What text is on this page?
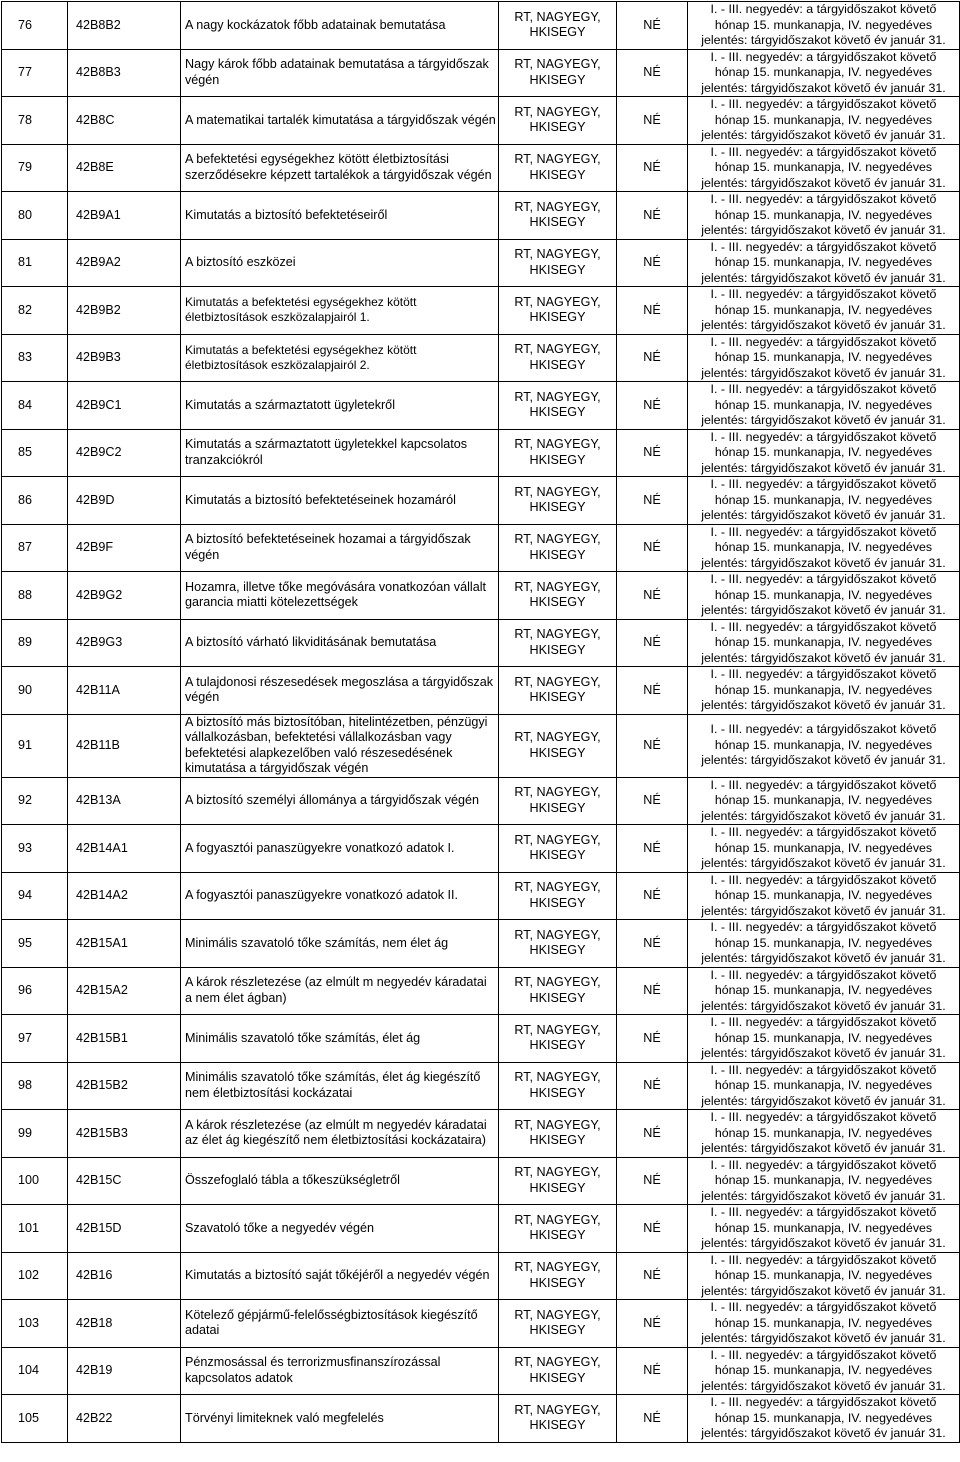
76	42B8B2	A nagy kockázatok főbb adatainak bemutatása	RT, NAGYEGY,
HKISEGY	NÉ	I. - III. negyedév: a tárgyidőszakot követő
hónap 15. munkanapja, IV. negyedéves
jelentés: tárgyidőszakot követő év január 31.

77	42B8B3	Nagy károk főbb adatainak bemutatása a tárgyidőszak végén	RT, NAGYEGY,
HKISEGY	NÉ	I. - III. negyedév: a tárgyidőszakot követő
hónap 15. munkanapja, IV. negyedéves
jelentés: tárgyidőszakot követő év január 31.

78	42B8C	A matematikai tartalék kimutatása a tárgyidőszak végén	RT, NAGYEGY,
HKISEGY	NÉ	I. - III. negyedév: a tárgyidőszakot követő
hónap 15. munkanapja, IV. negyedéves
jelentés: tárgyidőszakot követő év január 31.

79	42B8E	A befektetési egységekhez kötött életbiztosítási szerződésekre képzett tartalékok a tárgyidőszak végén	RT, NAGYEGY,
HKISEGY	NÉ	I. - III. negyedév: a tárgyidőszakot követő
hónap 15. munkanapja, IV. negyedéves
jelentés: tárgyidőszakot követő év január 31.

80	42B9A1	Kimutatás a biztosító befektetéseiről	RT, NAGYEGY,
HKISEGY	NÉ	I. - III. negyedév: a tárgyidőszakot követő
hónap 15. munkanapja, IV. negyedéves
jelentés: tárgyidőszakot követő év január 31.

81	42B9A2	A biztosító eszközei	RT, NAGYEGY,
HKISEGY	NÉ	I. - III. negyedév: a tárgyidőszakot követő
hónap 15. munkanapja, IV. negyedéves
jelentés: tárgyidőszakot követő év január 31.

82	42B9B2	Kimutatás a befektetési egységekhez kötött életbiztosítások eszközalapjairól 1.	RT, NAGYEGY,
HKISEGY	NÉ	I. - III. negyedév: a tárgyidőszakot követő
hónap 15. munkanapja, IV. negyedéves
jelentés: tárgyidőszakot követő év január 31.

83	42B9B3	Kimutatás a befektetési egységekhez kötött életbiztosítások eszközalapjairól 2.	RT, NAGYEGY,
HKISEGY	NÉ	I. - III. negyedév: a tárgyidőszakot követő
hónap 15. munkanapja, IV. negyedéves
jelentés: tárgyidőszakot követő év január 31.

84	42B9C1	Kimutatás a származtatott ügyletekről	RT, NAGYEGY,
HKISEGY	NÉ	I. - III. negyedév: a tárgyidőszakot követő
hónap 15. munkanapja, IV. negyedéves
jelentés: tárgyidőszakot követő év január 31.

85	42B9C2	Kimutatás a származtatott ügyletekkel kapcsolatos tranzakciókról	RT, NAGYEGY,
HKISEGY	NÉ	I. - III. negyedév: a tárgyidőszakot követő
hónap 15. munkanapja, IV. negyedéves
jelentés: tárgyidőszakot követő év január 31.

86	42B9D	Kimutatás a biztosító befektetéseinek hozamáról	RT, NAGYEGY,
HKISEGY	NÉ	I. - III. negyedév: a tárgyidőszakot követő
hónap 15. munkanapja, IV. negyedéves
jelentés: tárgyidőszakot követő év január 31.

87	42B9F	A biztosító befektetéseinek hozamai a tárgyidőszak végén	RT, NAGYEGY,
HKISEGY	NÉ	I. - III. negyedév: a tárgyidőszakot követő
hónap 15. munkanapja, IV. negyedéves
jelentés: tárgyidőszakot követő év január 31.

88	42B9G2	Hozamra, illetve tőke megóvására vonatkozóan vállalt garancia miatti kötelezettségek	RT, NAGYEGY,
HKISEGY	NÉ	I. - III. negyedév: a tárgyidőszakot követő
hónap 15. munkanapja, IV. negyedéves
jelentés: tárgyidőszakot követő év január 31.

89	42B9G3	A biztosító várható likviditásának bemutatása	RT, NAGYEGY,
HKISEGY	NÉ	I. - III. negyedév: a tárgyidőszakot követő
hónap 15. munkanapja, IV. negyedéves
jelentés: tárgyidőszakot követő év január 31.

90	42B11A	A tulajdonosi részesedések megoszlása a tárgyidőszak végén	RT, NAGYEGY,
HKISEGY	NÉ	I. - III. negyedév: a tárgyidőszakot követő
hónap 15. munkanapja, IV. negyedéves
jelentés: tárgyidőszakot követő év január 31.

91	42B11B	A biztosító más biztosítóban, hitelintézetben, pénzügyi vállalkozásban, befektetési vállalkozásban vagy befektetési alapkezelőben való részesedésének kimutatása a tárgyidőszak végén	RT, NAGYEGY,
HKISEGY	NÉ	I. - III. negyedév: a tárgyidőszakot követő
hónap 15. munkanapja, IV. negyedéves
jelentés: tárgyidőszakot követő év január 31.

92	42B13A	A biztosító személyi állománya a tárgyidőszak végén	RT, NAGYEGY,
HKISEGY	NÉ	I. - III. negyedév: a tárgyidőszakot követő
hónap 15. munkanapja, IV. negyedéves
jelentés: tárgyidőszakot követő év január 31.

93	42B14A1	A fogyasztói panaszügyekre vonatkozó adatok I.	RT, NAGYEGY,
HKISEGY	NÉ	I. - III. negyedév: a tárgyidőszakot követő
hónap 15. munkanapja, IV. negyedéves
jelentés: tárgyidőszakot követő év január 31.

94	42B14A2	A fogyasztói panaszügyekre vonatkozó adatok II.	RT, NAGYEGY,
HKISEGY	NÉ	I. - III. negyedév: a tárgyidőszakot követő
hónap 15. munkanapja, IV. negyedéves
jelentés: tárgyidőszakot követő év január 31.

95	42B15A1	Minimális szavatoló tőke számítás, nem élet ág	RT, NAGYEGY,
HKISEGY	NÉ	I. - III. negyedév: a tárgyidőszakot követő
hónap 15. munkanapja, IV. negyedéves
jelentés: tárgyidőszakot követő év január 31.

96	42B15A2	A károk részletezése (az elmúlt m negyedév káradatai a nem élet ágban)	RT, NAGYEGY,
HKISEGY	NÉ	I. - III. negyedév: a tárgyidőszakot követő
hónap 15. munkanapja, IV. negyedéves
jelentés: tárgyidőszakot követő év január 31.

97	42B15B1	Minimális szavatoló tőke számítás, élet ág	RT, NAGYEGY,
HKISEGY	NÉ	I. - III. negyedév: a tárgyidőszakot követő
hónap 15. munkanapja, IV. negyedéves
jelentés: tárgyidőszakot követő év január 31.

98	42B15B2	Minimális szavatoló tőke számítás, élet ág kiegészítő nem életbiztosítási kockázatai	RT, NAGYEGY,
HKISEGY	NÉ	I. - III. negyedév: a tárgyidőszakot követő
hónap 15. munkanapja, IV. negyedéves
jelentés: tárgyidőszakot követő év január 31.

99	42B15B3	A károk részletezése (az elmúlt m negyedév káradatai az élet ág kiegészítő nem életbiztosítási kockázataira)	RT, NAGYEGY,
HKISEGY	NÉ	I. - III. negyedév: a tárgyidőszakot követő
hónap 15. munkanapja, IV. negyedéves
jelentés: tárgyidőszakot követő év január 31.

100	42B15C	Összefoglaló tábla a tőkeszükségletről	RT, NAGYEGY,
HKISEGY	NÉ	I. - III. negyedév: a tárgyidőszakot követő
hónap 15. munkanapja, IV. negyedéves
jelentés: tárgyidőszakot követő év január 31.

101	42B15D	Szavatoló tőke a negyedév végén	RT, NAGYEGY,
HKISEGY	NÉ	I. - III. negyedév: a tárgyidőszakot követő
hónap 15. munkanapja, IV. negyedéves
jelentés: tárgyidőszakot követő év január 31.

102	42B16	Kimutatás a biztosító saját tőkéjéről a negyedév végén	RT, NAGYEGY,
HKISEGY	NÉ	I. - III. negyedév: a tárgyidőszakot követő
hónap 15. munkanapja, IV. negyedéves
jelentés: tárgyidőszakot követő év január 31.

103	42B18	Kötelező gépjármű-felelősségbiztosítások kiegészítő adatai	RT, NAGYEGY,
HKISEGY	NÉ	I. - III. negyedév: a tárgyidőszakot követő
hónap 15. munkanapja, IV. negyedéves
jelentés: tárgyidőszakot követő év január 31.

104	42B19	Pénzmosással és terrorizmusfinanszírozással kapcsolatos adatok	RT, NAGYEGY,
HKISEGY	NÉ	I. - III. negyedév: a tárgyidőszakot követő
hónap 15. munkanapja, IV. negyedéves
jelentés: tárgyidőszakot követő év január 31.

105	42B22	Törvényi limiteknek való megfelelés	RT, NAGYEGY,
HKISEGY	NÉ	I. - III. negyedév: a tárgyidőszakot követő
hónap 15. munkanapja, IV. negyedéves
jelentés: tárgyidőszakot követő év január 31.
